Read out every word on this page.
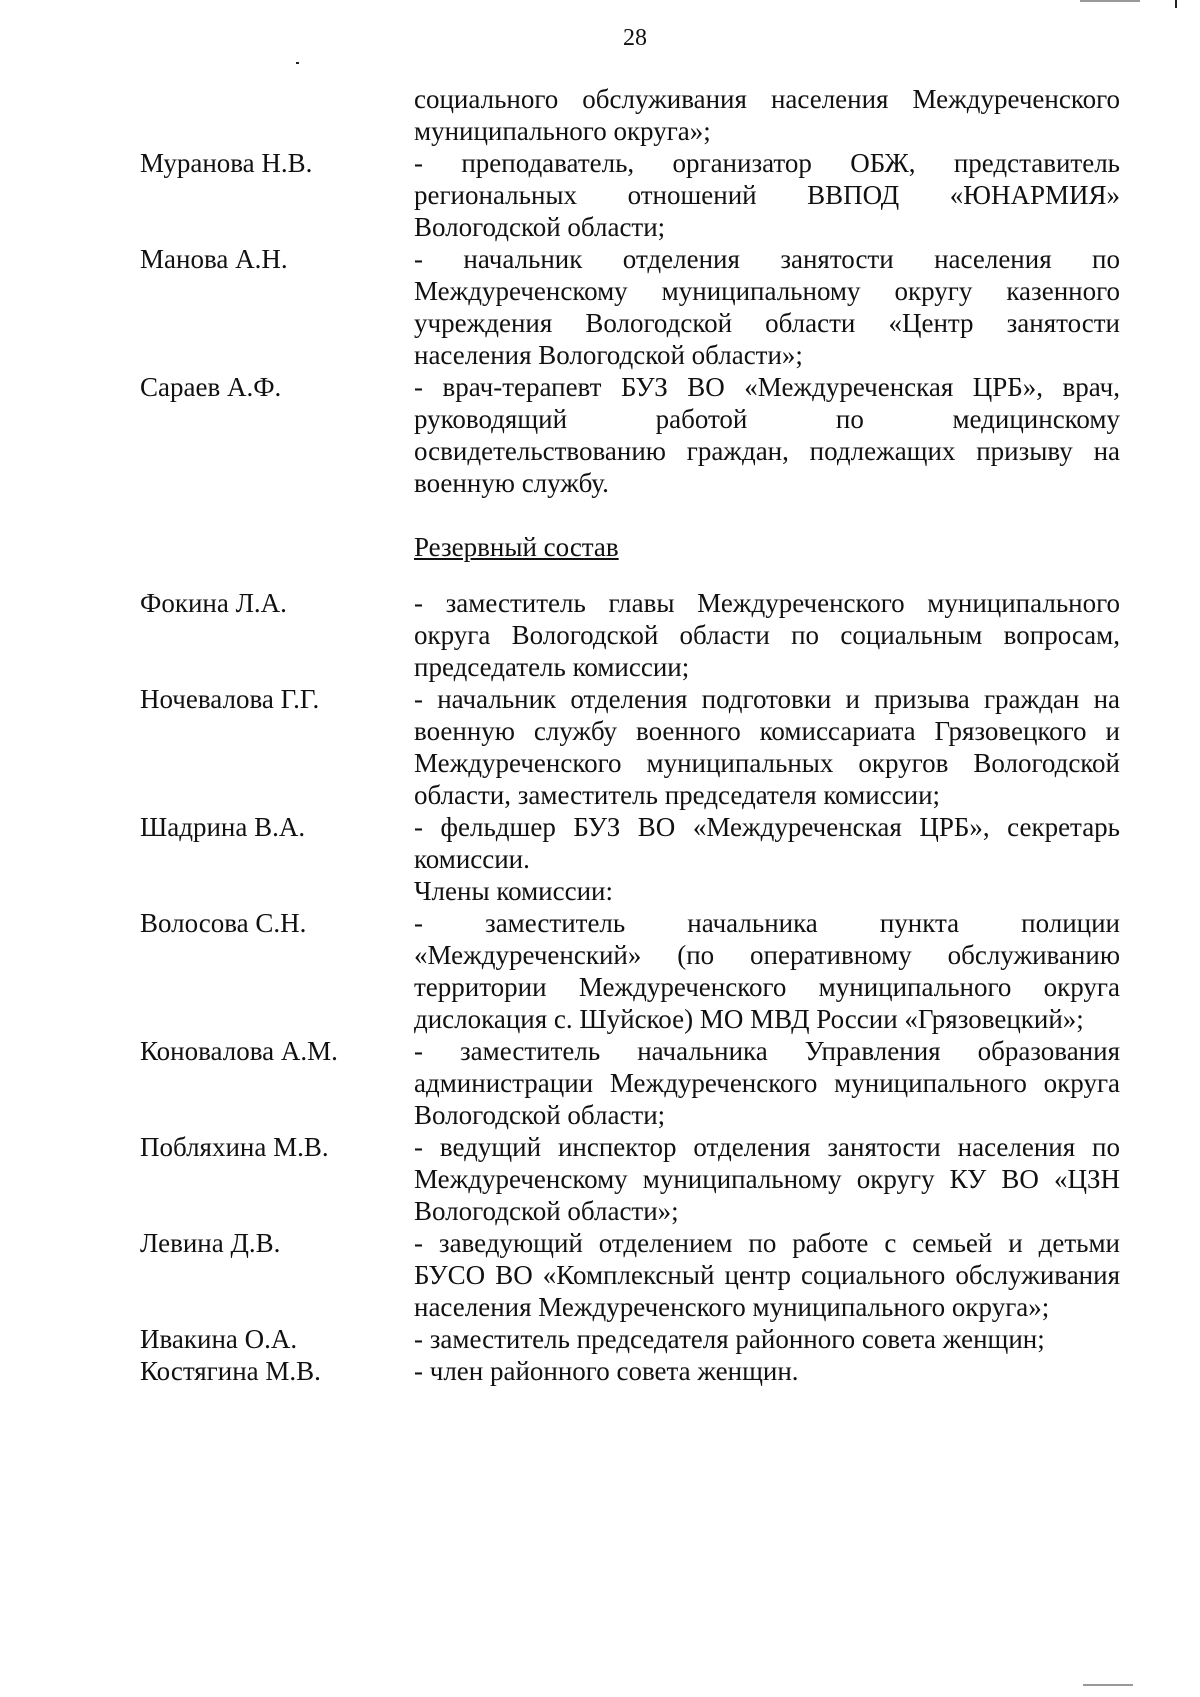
28
социального обслуживания населения Междуреченского муниципального округа»;
Муранова Н.В.	- преподаватель, организатор ОБЖ, представитель региональных отношений ВВПОД «ЮНАРМИЯ» Вологодской области;
Манова А.Н.	- начальник отделения занятости населения по Междуреченскому муниципальному округу казенного учреждения Вологодской области «Центр занятости населения Вологодской области»;
Сараев А.Ф.	- врач-терапевт БУЗ ВО «Междуреченская ЦРБ», врач, руководящий работой по медицинскому освидетельствованию граждан, подлежащих призыву на военную службу.
Резервный состав
Фокина Л.А.	- заместитель главы Междуреченского муниципального округа Вологодской области по социальным вопросам, председатель комиссии;
Ночевалова Г.Г.	- начальник отделения подготовки и призыва граждан на военную службу военного комиссариата Грязовецкого и Междуреченского муниципальных округов Вологодской области, заместитель председателя комиссии;
Шадрина В.А.	- фельдшер БУЗ ВО «Междуреченская ЦРБ», секретарь комиссии.
Члены комиссии:
Волосова С.Н.	- заместитель начальника пункта полиции «Междуреченский» (по оперативному обслуживанию территории Междуреченского муниципального округа дислокация с. Шуйское) МО МВД России «Грязовецкий»;
Коновалова А.М.	- заместитель начальника Управления образования администрации Междуреченского муниципального округа Вологодской области;
Побляхина М.В.	- ведущий инспектор отделения занятости населения по Междуреченскому муниципальному округу КУ ВО «ЦЗН Вологодской области»;
Левина Д.В.	- заведующий отделением по работе с семьей и детьми БУСО ВО «Комплексный центр социального обслуживания населения Междуреченского муниципального округа»;
Ивакина О.А.	- заместитель председателя районного совета женщин;
Костягина М.В.	- член районного совета женщин.
